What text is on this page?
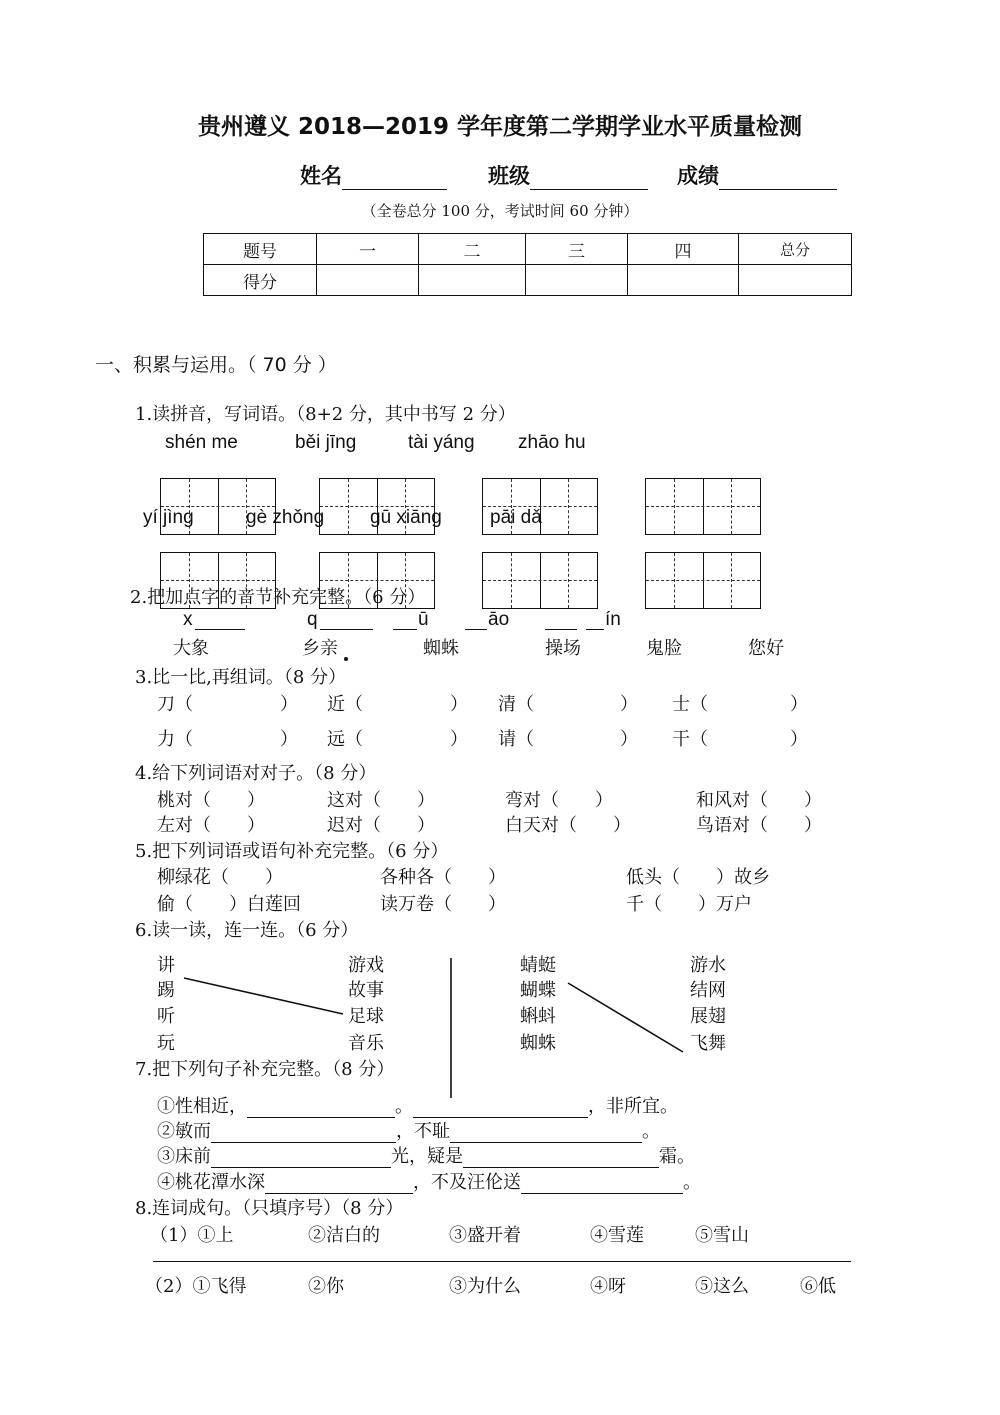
贵州遵义 2018—2019 学年度第二学期学业水平质量检测
姓名	班级	成绩
（全卷总分 100 分，考试时间 60 分钟）
题号	一	二	三	四	总分
得分					
一、积累与运用。（ 70 分 ）
1.读拼音，写词语。（8+2 分，其中书写 2 分）
shén me	běi jīng	tài yáng zhāo hu
yí jìng	gè zhǒng gū xiāng	pāi dǎ
2.把加点字的音节补充完整。（6 分）
x	q	ū	āo	ín
大象	乡亲	蜘蛛	操场	鬼脸	您好
3.比一比,再组词。（8 分）
刀（	） 近（	） 清（	） 士（	）
力（	） 远（	） 请（	） 干（	）
4.给下列词语对对子。（8 分）
桃对（　　）	这对（　　）	弯对（　　）	和风对（　　）
左对（　　）	迟对（　　）	白天对（　　）	鸟语对（　　）
5.把下列词语或语句补充完整。（6 分）
柳绿花（　　）	各种各（　　）	低头（　　）故乡
偷（　　）白莲回	读万卷（　　）	千（　　）万户
6.读一读，连一连。（6 分）
讲
踢
听
玩
游戏
故事
足球
音乐
蜻蜓
蝴蝶
蝌蚪
蜘蛛
游水
结网
展翅
飞舞
7.把下列句子补充完整。（8 分）
①性相近，	。	，非所宜。
②敏而	，不耻	。
③床前	光，疑是	霜。
④桃花潭水深	，不及汪伦送	。
8.连词成句。（只填序号）（8 分）
（1）①上	②洁白的	③盛开着	④雪莲	⑤雪山
（2）①飞得	②你	③为什么	④呀	⑤这么	⑥低
